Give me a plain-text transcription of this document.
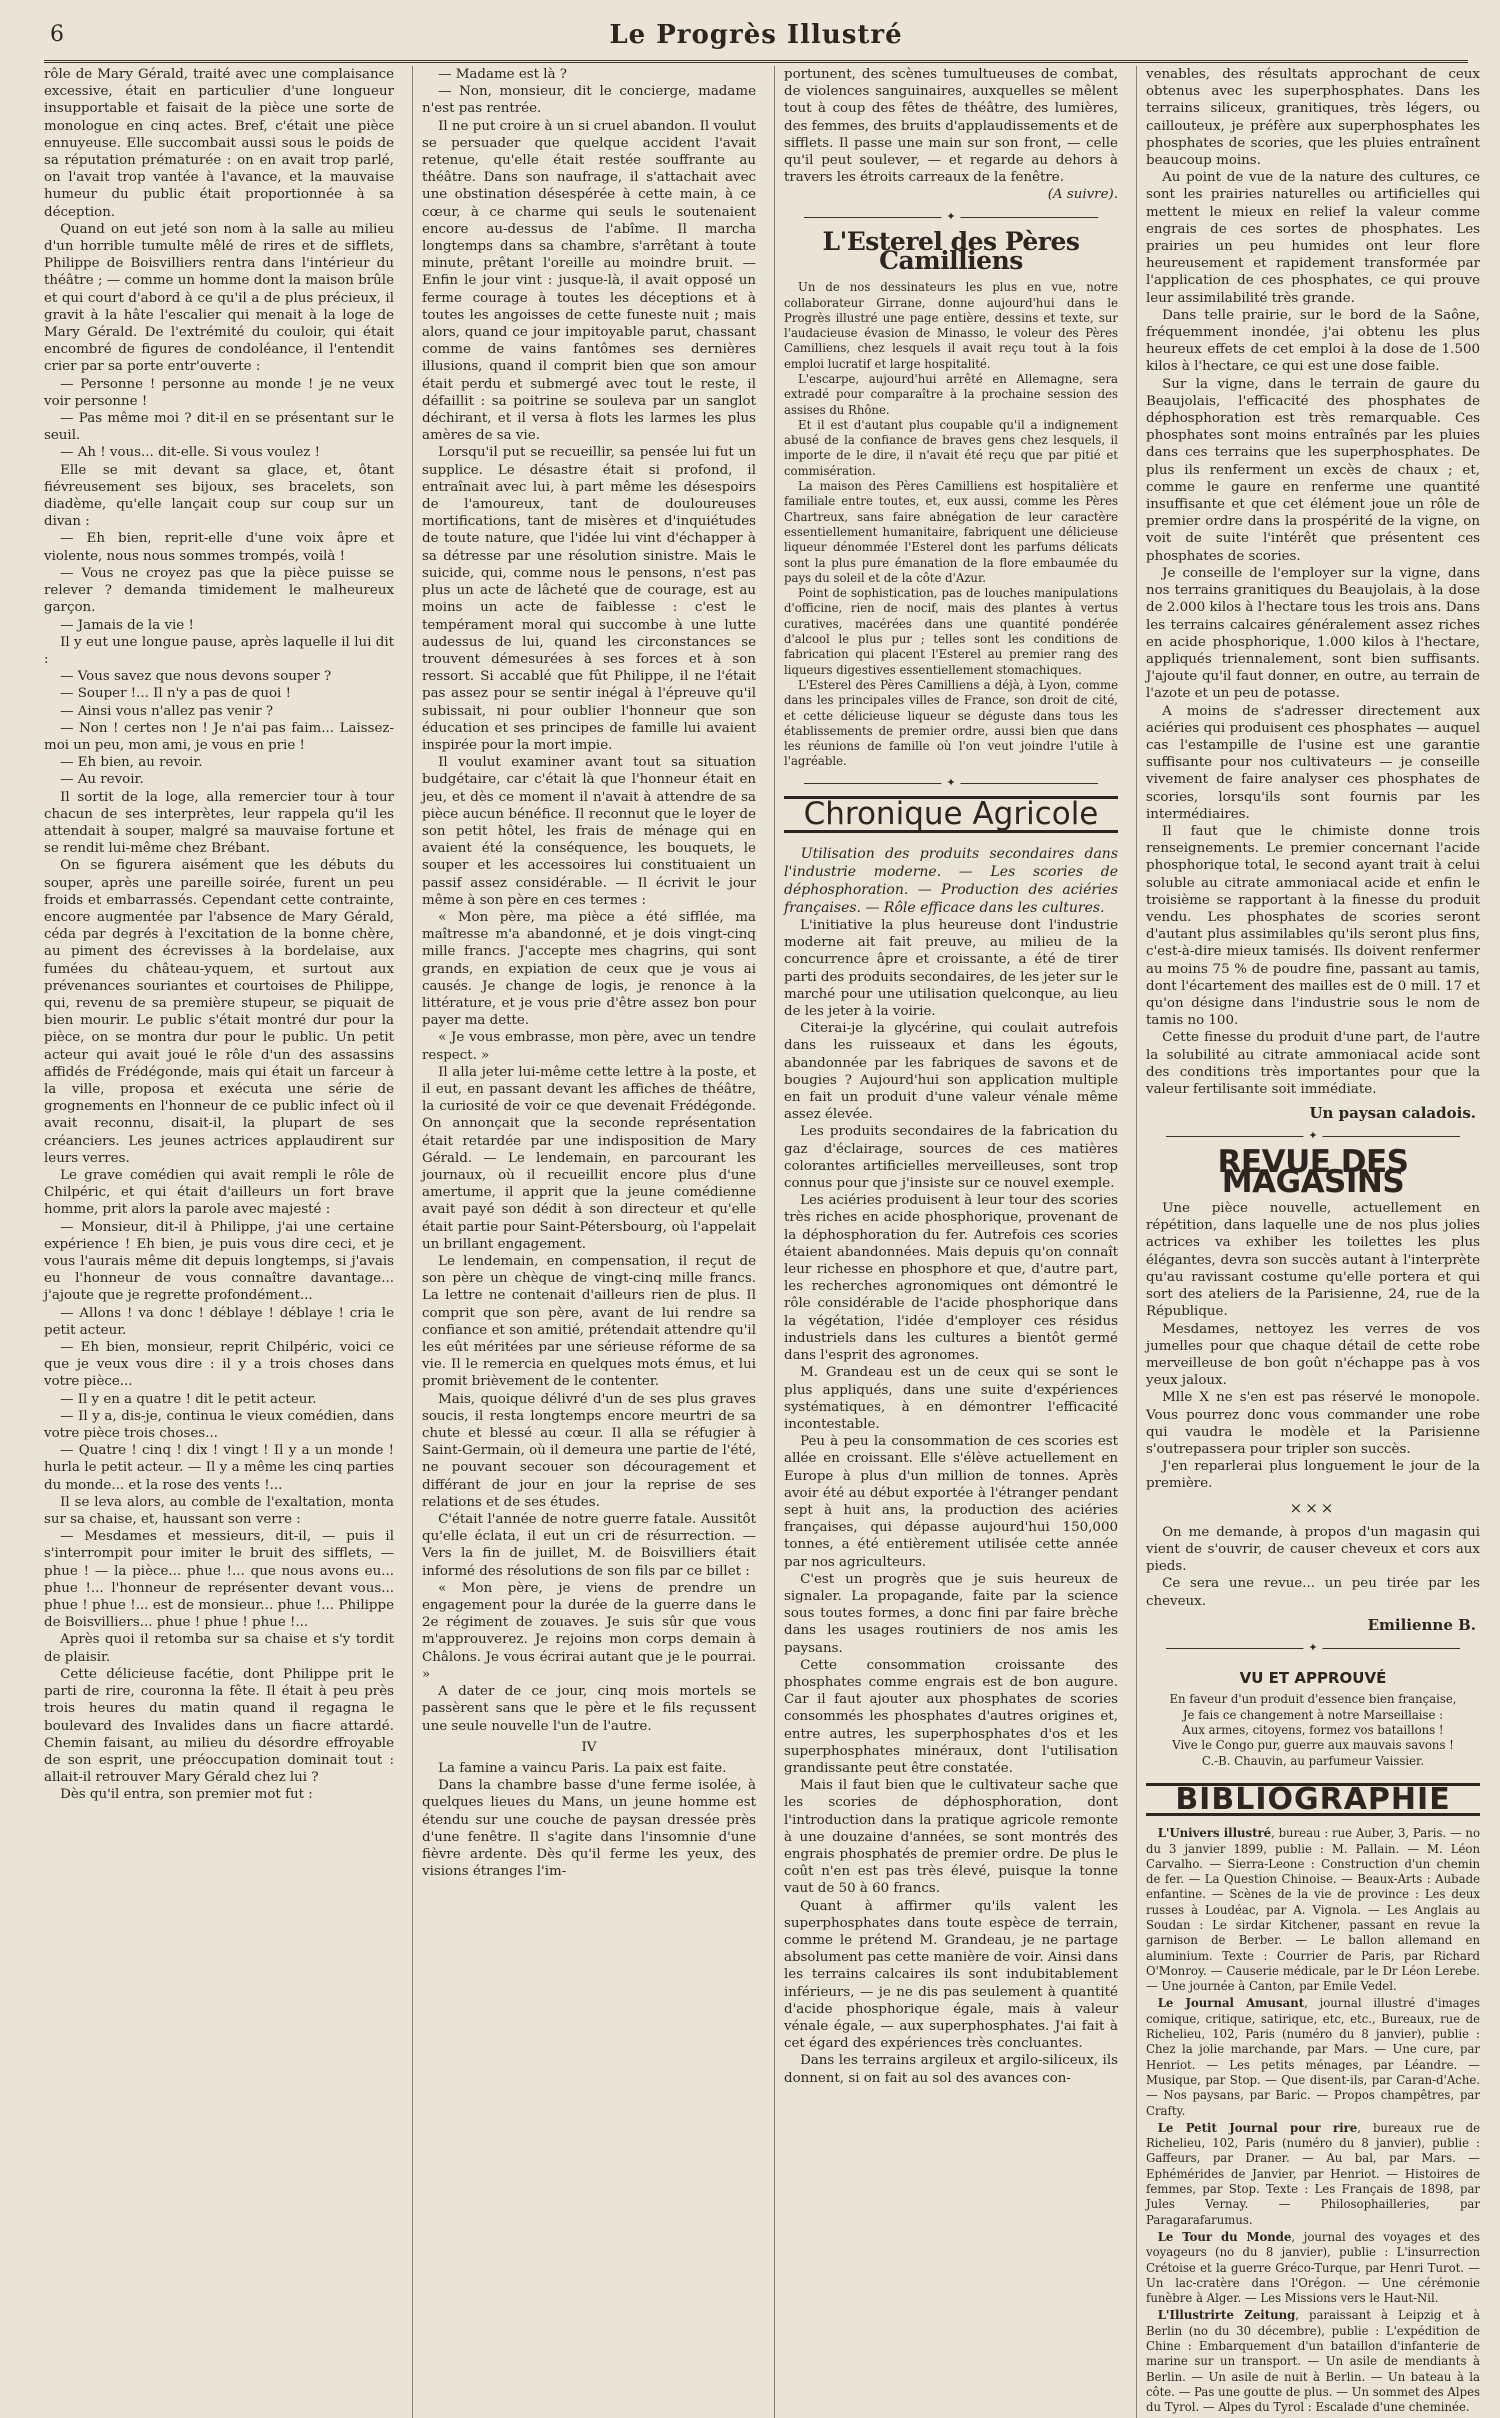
6	Le Progrès Illustré

rôle de Mary Gérald, traité avec une complaisance excessive, était en particulier d'une longueur insupportable et faisait de la pièce une sorte de monologue en cinq actes. Bref, c'était une pièce ennuyeuse. Elle succombait aussi sous le poids de sa réputation prématurée : on en avait trop parlé, on l'avait trop vantée à l'avance, et la mauvaise humeur du public était proportionnée à sa déception.

Quand on eut jeté son nom à la salle au milieu d'un horrible tumulte mêlé de rires et de sifflets, Philippe de Boisvilliers rentra dans l'intérieur du théâtre ; — comme un homme dont la maison brûle et qui court d'abord à ce qu'il a de plus précieux, il gravit à la hâte l'escalier qui menait à la loge de Mary Gérald. De l'extrémité du couloir, qui était encombré de figures de condoléance, il l'entendit crier par sa porte entr'ouverte :

— Personne ! personne au monde ! je ne veux voir personne !

— Pas même moi ? dit-il en se présentant sur le seuil.

— Ah ! vous... dit-elle. Si vous voulez !

Elle se mit devant sa glace, et, ôtant fiévreusement ses bijoux, ses bracelets, son diadème, qu'elle lançait coup sur coup sur un divan :

— Eh bien, reprit-elle d'une voix âpre et violente, nous nous sommes trompés, voilà !

— Vous ne croyez pas que la pièce puisse se relever ? demanda timidement le malheureux garçon.

— Jamais de la vie !

Il y eut une longue pause, après laquelle il lui dit :

— Vous savez que nous devons souper ?

— Souper !... Il n'y a pas de quoi !

— Ainsi vous n'allez pas venir ?

— Non ! certes non ! Je n'ai pas faim... Laissez-moi un peu, mon ami, je vous en prie !

— Eh bien, au revoir.

— Au revoir.

Il sortit de la loge, alla remercier tour à tour chacun de ses interprètes, leur rappela qu'il les attendait à souper, malgré sa mauvaise fortune et se rendit lui-même chez Brébant.

On se figurera aisément que les débuts du souper, après une pareille soirée, furent un peu froids et embarrassés. Cependant cette contrainte, encore augmentée par l'absence de Mary Gérald, céda par degrés à l'excitation de la bonne chère, au piment des écrevisses à la bordelaise, aux fumées du château-yquem, et surtout aux prévenances souriantes et courtoises de Philippe, qui, revenu de sa première stupeur, se piquait de bien mourir. Le public s'était montré dur pour la pièce, on se montra dur pour le public. Un petit acteur qui avait joué le rôle d'un des assassins affidés de Frédégonde, mais qui était un farceur à la ville, proposa et exécuta une série de grognements en l'honneur de ce public infect où il avait reconnu, disait-il, la plupart de ses créanciers. Les jeunes actrices applaudirent sur leurs verres.

Le grave comédien qui avait rempli le rôle de Chilpéric, et qui était d'ailleurs un fort brave homme, prit alors la parole avec majesté :

— Monsieur, dit-il à Philippe, j'ai une certaine expérience ! Eh bien, je puis vous dire ceci, et je vous l'aurais même dit depuis longtemps, si j'avais eu l'honneur de vous connaître davantage... j'ajoute que je regrette profondément...

— Allons ! va donc ! déblaye ! déblaye ! cria le petit acteur.

— Eh bien, monsieur, reprit Chilpéric, voici ce que je veux vous dire : il y a trois choses dans votre pièce...

— Il y en a quatre ! dit le petit acteur.

— Il y a, dis-je, continua le vieux comédien, dans votre pièce trois choses...

— Quatre ! cinq ! dix ! vingt ! Il y a un monde ! hurla le petit acteur. — Il y a même les cinq parties du monde... et la rose des vents !...

Il se leva alors, au comble de l'exaltation, monta sur sa chaise, et, haussant son verre :

— Mesdames et messieurs, dit-il, — puis il s'interrompit pour imiter le bruit des sifflets, — phue ! — la pièce... phue !... que nous avons eu... phue !... l'honneur de représenter devant vous... phue ! phue !... est de monsieur... phue !... Philippe de Boisvilliers... phue ! phue ! phue !...

Après quoi il retomba sur sa chaise et s'y tordit de plaisir.

Cette délicieuse facétie, dont Philippe prit le parti de rire, couronna la fête. Il était à peu près trois heures du matin quand il regagna le boulevard des Invalides dans un fiacre attardé. Chemin faisant, au milieu du désordre effroyable de son esprit, une préoccupation dominait tout : allait-il retrouver Mary Gérald chez lui ?

Dès qu'il entra, son premier mot fut :

— Madame est là ?

— Non, monsieur, dit le concierge, madame n'est pas rentrée.

Il ne put croire à un si cruel abandon. Il voulut se persuader que quelque accident l'avait retenue, qu'elle était restée souffrante au théâtre. Dans son naufrage, il s'attachait avec une obstination désespérée à cette main, à ce cœur, à ce charme qui seuls le soutenaient encore au-dessus de l'abîme. Il marcha longtemps dans sa chambre, s'arrêtant à toute minute, prêtant l'oreille au moindre bruit. — Enfin le jour vint : jusque-là, il avait opposé un ferme courage à toutes les déceptions et à toutes les angoisses de cette funeste nuit ; mais alors, quand ce jour impitoyable parut, chassant comme de vains fantômes ses dernières illusions, quand il comprit bien que son amour était perdu et submergé avec tout le reste, il défaillit : sa poitrine se souleva par un sanglot déchirant, et il versa à flots les larmes les plus amères de sa vie.

Lorsqu'il put se recueillir, sa pensée lui fut un supplice. Le désastre était si profond, il entraînait avec lui, à part même les désespoirs de l'amoureux, tant de douloureuses mortifications, tant de misères et d'inquiétudes de toute nature, que l'idée lui vint d'échapper à sa détresse par une résolution sinistre. Mais le suicide, qui, comme nous le pensons, n'est pas plus un acte de lâcheté que de courage, est au moins un acte de faiblesse : c'est le tempérament moral qui succombe à une lutte audessus de lui, quand les circonstances se trouvent démesurées à ses forces et à son ressort. Si accablé que fût Philippe, il ne l'était pas assez pour se sentir inégal à l'épreuve qu'il subissait, ni pour oublier l'honneur que son éducation et ses principes de famille lui avaient inspirée pour la mort impie.

Il voulut examiner avant tout sa situation budgétaire, car c'était là que l'honneur était en jeu, et dès ce moment il n'avait à attendre de sa pièce aucun bénéfice. Il reconnut que le loyer de son petit hôtel, les frais de ménage qui en avaient été la conséquence, les bouquets, le souper et les accessoires lui constituaient un passif assez considérable. — Il écrivit le jour même à son père en ces termes :

« Mon père, ma pièce a été sifflée, ma maîtresse m'a abandonné, et je dois vingt-cinq mille francs. J'accepte mes chagrins, qui sont grands, en expiation de ceux que je vous ai causés. Je change de logis, je renonce à la littérature, et je vous prie d'être assez bon pour payer ma dette.

« Je vous embrasse, mon père, avec un tendre respect. »

Il alla jeter lui-même cette lettre à la poste, et il eut, en passant devant les affiches de théâtre, la curiosité de voir ce que devenait Frédégonde. On annonçait que la seconde représentation était retardée par une indisposition de Mary Gérald. — Le lendemain, en parcourant les journaux, où il recueillit encore plus d'une amertume, il apprit que la jeune comédienne avait payé son dédit à son directeur et qu'elle était partie pour Saint-Pétersbourg, où l'appelait un brillant engagement.

Le lendemain, en compensation, il reçut de son père un chèque de vingt-cinq mille francs. La lettre ne contenait d'ailleurs rien de plus. Il comprit que son père, avant de lui rendre sa confiance et son amitié, prétendait attendre qu'il les eût méritées par une sérieuse réforme de sa vie. Il le remercia en quelques mots émus, et lui promit brièvement de le contenter.

Mais, quoique délivré d'un de ses plus graves soucis, il resta longtemps encore meurtri de sa chute et blessé au cœur. Il alla se réfugier à Saint-Germain, où il demeura une partie de l'été, ne pouvant secouer son découragement et différant de jour en jour la reprise de ses relations et de ses études.

C'était l'année de notre guerre fatale. Aussitôt qu'elle éclata, il eut un cri de résurrection. — Vers la fin de juillet, M. de Boisvilliers était informé des résolutions de son fils par ce billet :

« Mon père, je viens de prendre un engagement pour la durée de la guerre dans le 2e régiment de zouaves. Je suis sûr que vous m'approuverez. Je rejoins mon corps demain à Châlons. Je vous écrirai autant que je le pourrai. »

A dater de ce jour, cinq mois mortels se passèrent sans que le père et le fils reçussent une seule nouvelle l'un de l'autre.

IV

La famine a vaincu Paris. La paix est faite.

Dans la chambre basse d'une ferme isolée, à quelques lieues du Mans, un jeune homme est étendu sur une couche de paysan dressée près d'une fenêtre. Il s'agite dans l'insomnie d'une fièvre ardente. Dès qu'il ferme les yeux, des visions étranges l'im-

portunent, des scènes tumultueuses de combat, de violences sanguinaires, auxquelles se mêlent tout à coup des fêtes de théâtre, des lumières, des femmes, des bruits d'applaudissements et de sifflets. Il passe une main sur son front, — celle qu'il peut soulever, — et regarde au dehors à travers les étroits carreaux de la fenêtre.

(A suivre).

✦
L'Esterel des Pères Camilliens

Un de nos dessinateurs les plus en vue, notre collaborateur Girrane, donne aujourd'hui dans le Progrès illustré une page entière, dessins et texte, sur l'audacieuse évasion de Minasso, le voleur des Pères Camilliens, chez lesquels il avait reçu tout à la fois emploi lucratif et large hospitalité.

L'escarpe, aujourd'hui arrêté en Allemagne, sera extradé pour comparaître à la prochaine session des assises du Rhône.

Et il est d'autant plus coupable qu'il a indignement abusé de la confiance de braves gens chez lesquels, il importe de le dire, il n'avait été reçu que par pitié et commisération.

La maison des Pères Camilliens est hospitalière et familiale entre toutes, et, eux aussi, comme les Pères Chartreux, sans faire abnégation de leur caractère essentiellement humanitaire, fabriquent une délicieuse liqueur dénommée l'Esterel dont les parfums délicats sont la plus pure émanation de la flore embaumée du pays du soleil et de la côte d'Azur.

Point de sophistication, pas de louches manipulations d'officine, rien de nocif, mais des plantes à vertus curatives, macérées dans une quantité pondérée d'alcool le plus pur ; telles sont les conditions de fabrication qui placent l'Esterel au premier rang des liqueurs digestives essentiellement stomachiques.

L'Esterel des Pères Camilliens a déjà, à Lyon, comme dans les principales villes de France, son droit de cité, et cette délicieuse liqueur se déguste dans tous les établissements de premier ordre, aussi bien que dans les réunions de famille où l'on veut joindre l'utile à l'agréable.

✦
Chronique Agricole

Utilisation des produits secondaires dans l'industrie moderne. — Les scories de déphosphoration. — Production des aciéries françaises. — Rôle efficace dans les cultures.

L'initiative la plus heureuse dont l'industrie moderne ait fait preuve, au milieu de la concurrence âpre et croissante, a été de tirer parti des produits secondaires, de les jeter sur le marché pour une utilisation quelconque, au lieu de les jeter à la voirie.

Citerai-je la glycérine, qui coulait autrefois dans les ruisseaux et dans les égouts, abandonnée par les fabriques de savons et de bougies ? Aujourd'hui son application multiple en fait un produit d'une valeur vénale même assez élevée.

Les produits secondaires de la fabrication du gaz d'éclairage, sources de ces matières colorantes artificielles merveilleuses, sont trop connus pour que j'insiste sur ce nouvel exemple.

Les aciéries produisent à leur tour des scories très riches en acide phosphorique, provenant de la déphosphoration du fer. Autrefois ces scories étaient abandonnées. Mais depuis qu'on connaît leur richesse en phosphore et que, d'autre part, les recherches agronomiques ont démontré le rôle considérable de l'acide phosphorique dans la végétation, l'idée d'employer ces résidus industriels dans les cultures a bientôt germé dans l'esprit des agronomes.

M. Grandeau est un de ceux qui se sont le plus appliqués, dans une suite d'expériences systématiques, à en démontrer l'efficacité incontestable.

Peu à peu la consommation de ces scories est allée en croissant. Elle s'élève actuellement en Europe à plus d'un million de tonnes. Après avoir été au début exportée à l'étranger pendant sept à huit ans, la production des aciéries françaises, qui dépasse aujourd'hui 150,000 tonnes, a été entièrement utilisée cette année par nos agriculteurs.

C'est un progrès que je suis heureux de signaler. La propagande, faite par la science sous toutes formes, a donc fini par faire brèche dans les usages routiniers de nos amis les paysans.

Cette consommation croissante des phosphates comme engrais est de bon augure. Car il faut ajouter aux phosphates de scories consommés les phosphates d'autres origines et, entre autres, les superphosphates d'os et les superphosphates minéraux, dont l'utilisation grandissante peut être constatée.

Mais il faut bien que le cultivateur sache que les scories de déphosphoration, dont l'introduction dans la pratique agricole remonte à une douzaine d'années, se sont montrés des engrais phosphatés de premier ordre. De plus le coût n'en est pas très élevé, puisque la tonne vaut de 50 à 60 francs.

Quant à affirmer qu'ils valent les superphosphates dans toute espèce de terrain, comme le prétend M. Grandeau, je ne partage absolument pas cette manière de voir. Ainsi dans les terrains calcaires ils sont indubitablement inférieurs, — je ne dis pas seulement à quantité d'acide phosphorique égale, mais à valeur vénale égale, — aux superphosphates. J'ai fait à cet égard des expériences très concluantes.

Dans les terrains argileux et argilo-siliceux, ils donnent, si on fait au sol des avances con-

venables, des résultats approchant de ceux obtenus avec les superphosphates. Dans les terrains siliceux, granitiques, très légers, ou caillouteux, je préfère aux superphosphates les phosphates de scories, que les pluies entraînent beaucoup moins.

Au point de vue de la nature des cultures, ce sont les prairies naturelles ou artificielles qui mettent le mieux en relief la valeur comme engrais de ces sortes de phosphates. Les prairies un peu humides ont leur flore heureusement et rapidement transformée par l'application de ces phosphates, ce qui prouve leur assimilabilité très grande.

Dans telle prairie, sur le bord de la Saône, fréquemment inondée, j'ai obtenu les plus heureux effets de cet emploi à la dose de 1.500 kilos à l'hectare, ce qui est une dose faible.

Sur la vigne, dans le terrain de gaure du Beaujolais, l'efficacité des phosphates de déphosphoration est très remarquable. Ces phosphates sont moins entraînés par les pluies dans ces terrains que les superphosphates. De plus ils renferment un excès de chaux ; et, comme le gaure en renferme une quantité insuffisante et que cet élément joue un rôle de premier ordre dans la prospérité de la vigne, on voit de suite l'intérêt que présentent ces phosphates de scories.

Je conseille de l'employer sur la vigne, dans nos terrains granitiques du Beaujolais, à la dose de 2.000 kilos à l'hectare tous les trois ans. Dans les terrains calcaires généralement assez riches en acide phosphorique, 1.000 kilos à l'hectare, appliqués triennalement, sont bien suffisants. J'ajoute qu'il faut donner, en outre, au terrain de l'azote et un peu de potasse.

A moins de s'adresser directement aux aciéries qui produisent ces phosphates — auquel cas l'estampille de l'usine est une garantie suffisante pour nos cultivateurs — je conseille vivement de faire analyser ces phosphates de scories, lorsqu'ils sont fournis par les intermédiaires.

Il faut que le chimiste donne trois renseignements. Le premier concernant l'acide phosphorique total, le second ayant trait à celui soluble au citrate ammoniacal acide et enfin le troisième se rapportant à la finesse du produit vendu. Les phosphates de scories seront d'autant plus assimilables qu'ils seront plus fins, c'est-à-dire mieux tamisés. Ils doivent renfermer au moins 75 % de poudre fine, passant au tamis, dont l'écartement des mailles est de 0 mill. 17 et qu'on désigne dans l'industrie sous le nom de tamis no 100.

Cette finesse du produit d'une part, de l'autre la solubilité au citrate ammoniacal acide sont des conditions très importantes pour que la valeur fertilisante soit immédiate.

Un paysan caladois.
✦
REVUE DES MAGASINS

Une pièce nouvelle, actuellement en répétition, dans laquelle une de nos plus jolies actrices va exhiber les toilettes les plus élégantes, devra son succès autant à l'interprète qu'au ravissant costume qu'elle portera et qui sort des ateliers de la Parisienne, 24, rue de la République.

Mesdames, nettoyez les verres de vos jumelles pour que chaque détail de cette robe merveilleuse de bon goût n'échappe pas à vos yeux jaloux.

Mlle X ne s'en est pas réservé le monopole. Vous pourrez donc vous commander une robe qui vaudra le modèle et la Parisienne s'outrepassera pour tripler son succès.

J'en reparlerai plus longuement le jour de la première.

×××

On me demande, à propos d'un magasin qui vient de s'ouvrir, de causer cheveux et cors aux pieds.

Ce sera une revue... un peu tirée par les cheveux.

Emilienne B.
✦
VU ET APPROUVÉ

En faveur d'un produit d'essence bien française,

Je fais ce changement à notre Marseillaise :

Aux armes, citoyens, formez vos bataillons !

Vive le Congo pur, guerre aux mauvais savons !

C.-B. Chauvin, au parfumeur Vaissier.

BIBLIOGRAPHIE

L'Univers illustré, bureau : rue Auber, 3, Paris. — no du 3 janvier 1899, publie : M. Pallain. — M. Léon Carvalho. — Sierra-Leone : Construction d'un chemin de fer. — La Question Chinoise. — Beaux-Arts : Aubade enfantine. — Scènes de la vie de province : Les deux russes à Loudéac, par A. Vignola. — Les Anglais au Soudan : Le sirdar Kitchener, passant en revue la garnison de Berber. — Le ballon allemand en aluminium. Texte : Courrier de Paris, par Richard O'Monroy. — Causerie médicale, par le Dr Léon Lerebe. — Une journée à Canton, par Emile Vedel.

Le Journal Amusant, journal illustré d'images comique, critique, satirique, etc, etc., Bureaux, rue de Richelieu, 102, Paris (numéro du 8 janvier), publie : Chez la jolie marchande, par Mars. — Une cure, par Henriot. — Les petits ménages, par Léandre. — Musique, par Stop. — Que disent-ils, par Caran-d'Ache. — Nos paysans, par Baric. — Propos champêtres, par Crafty.

Le Petit Journal pour rire, bureaux rue de Richelieu, 102, Paris (numéro du 8 janvier), publie : Gaffeurs, par Draner. — Au bal, par Mars. — Ephémérides de Janvier, par Henriot. — Histoires de femmes, par Stop. Texte : Les Français de 1898, par Jules Vernay. — Philosophailleries, par Paragarafarumus.

Le Tour du Monde, journal des voyages et des voyageurs (no du 8 janvier), publie : L'insurrection Crétoise et la guerre Gréco-Turque, par Henri Turot. — Un lac-cratère dans l'Orégon. — Une cérémonie funèbre à Alger. — Les Missions vers le Haut-Nil.

L'Illustrirte Zeitung, paraissant à Leipzig et à Berlin (no du 30 décembre), publie : L'expédition de Chine : Embarquement d'un bataillon d'infanterie de marine sur un transport. — Un asile de mendiants à Berlin. — Un asile de nuit à Berlin. — Un bateau à la côte. — Pas une goutte de plus. — Un sommet des Alpes du Tyrol. — Alpes du Tyrol : Escalade d'une cheminée.
